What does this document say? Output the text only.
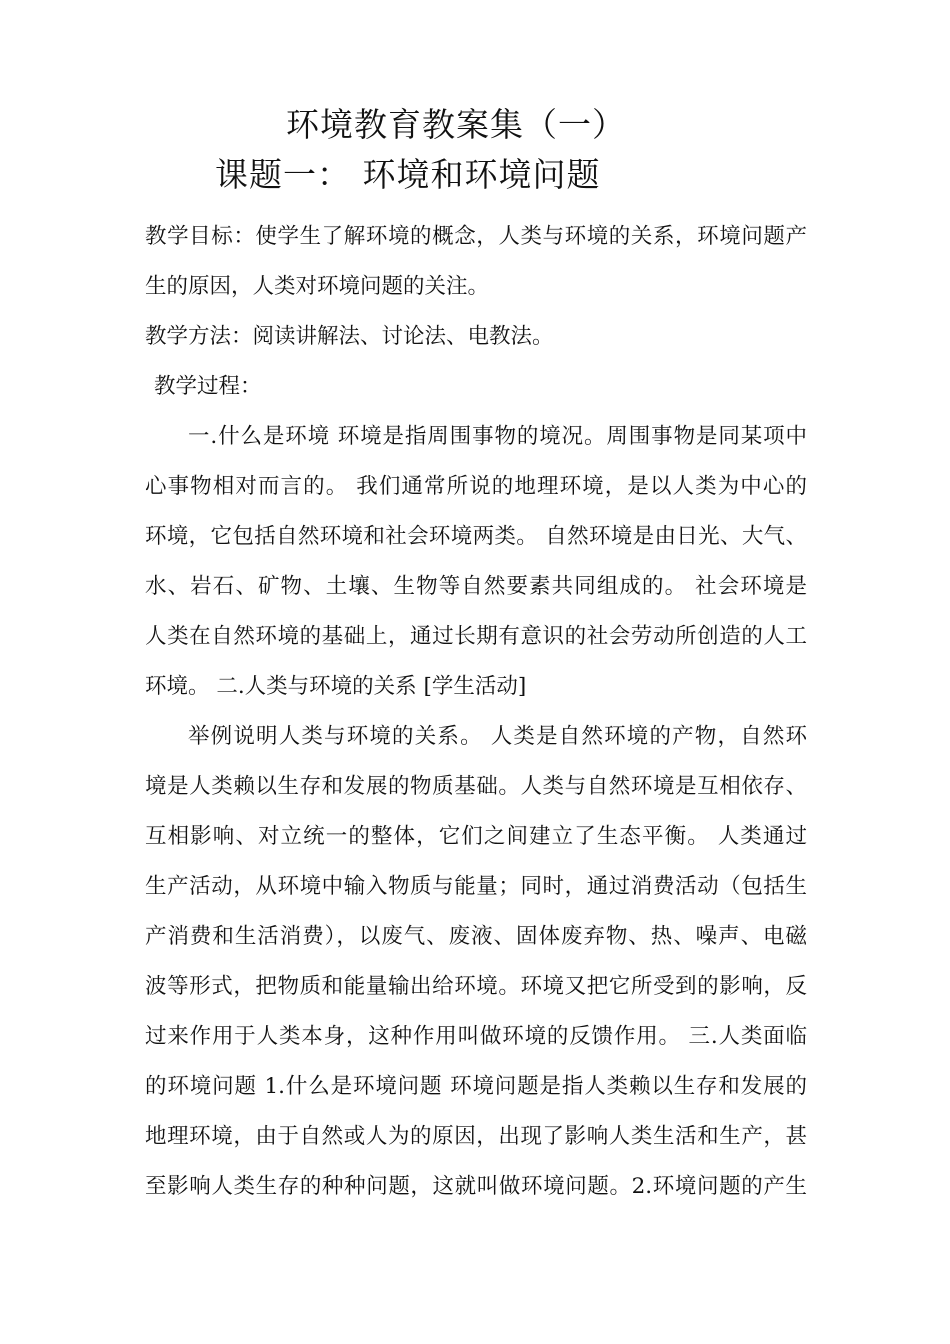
环境教育教案集（一）
课题一： 环境和环境问题
教学目标：使学生了解环境的概念，人类与环境的关系，环境问题产
生的原因，人类对环境问题的关注。
教学方法：阅读讲解法、讨论法、电教法。
教学过程：
一.什么是环境 环境是指周围事物的境况。周围事物是同某项中
心事物相对而言的。 我们通常所说的地理环境，是以人类为中心的
环境，它包括自然环境和社会环境两类。 自然环境是由日光、大气、
水、岩石、矿物、土壤、生物等自然要素共同组成的。 社会环境是
人类在自然环境的基础上，通过长期有意识的社会劳动所创造的人工
环境。 二.人类与环境的关系 [学生活动]
举例说明人类与环境的关系。 人类是自然环境的产物，自然环
境是人类赖以生存和发展的物质基础。人类与自然环境是互相依存、
互相影响、对立统一的整体，它们之间建立了生态平衡。 人类通过
生产活动，从环境中输入物质与能量；同时，通过消费活动（包括生
产消费和生活消费），以废气、废液、固体废弃物、热、噪声、电磁
波等形式，把物质和能量输出给环境。环境又把它所受到的影响，反
过来作用于人类本身，这种作用叫做环境的反馈作用。 三.人类面临
的环境问题 1.什么是环境问题 环境问题是指人类赖以生存和发展的
地理环境，由于自然或人为的原因，出现了影响人类生活和生产，甚
至影响人类生存的种种问题，这就叫做环境问题。2.环境问题的产生
